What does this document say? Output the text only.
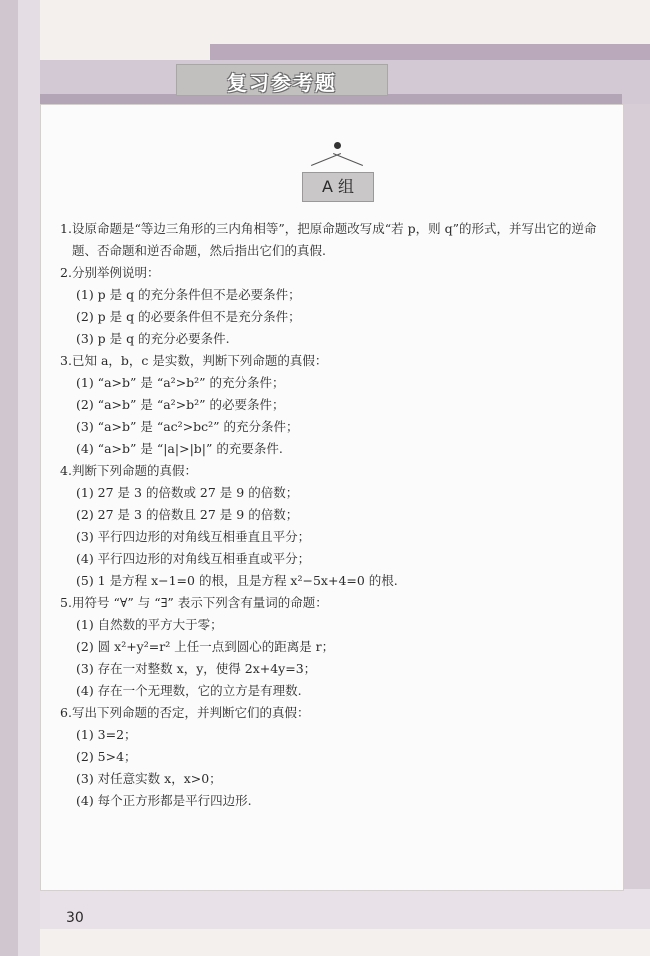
复习参考题
A 组
1.设原命题是“等边三角形的三内角相等”，把原命题改写成“若 p，则 q”的形式，并写出它的逆命
题、否命题和逆否命题，然后指出它们的真假.
2.分别举例说明：
(1) p 是 q 的充分条件但不是必要条件；
(2) p 是 q 的必要条件但不是充分条件；
(3) p 是 q 的充分必要条件.
3.已知 a，b，c 是实数，判断下列命题的真假：
(1) “a>b” 是 “a²>b²” 的充分条件；
(2) “a>b” 是 “a²>b²” 的必要条件；
(3) “a>b” 是 “ac²>bc²” 的充分条件；
(4) “a>b” 是 “|a|>|b|” 的充要条件.
4.判断下列命题的真假：
(1) 27 是 3 的倍数或 27 是 9 的倍数；
(2) 27 是 3 的倍数且 27 是 9 的倍数；
(3) 平行四边形的对角线互相垂直且平分；
(4) 平行四边形的对角线互相垂直或平分；
(5) 1 是方程 x−1=0 的根，且是方程 x²−5x+4=0 的根.
5.用符号 “∀” 与 “∃” 表示下列含有量词的命题：
(1) 自然数的平方大于零；
(2) 圆 x²+y²=r² 上任一点到圆心的距离是 r；
(3) 存在一对整数 x，y，使得 2x+4y=3；
(4) 存在一个无理数，它的立方是有理数.
6.写出下列命题的否定，并判断它们的真假：
(1) 3=2；
(2) 5>4；
(3) 对任意实数 x，x>0；
(4) 每个正方形都是平行四边形.
30
